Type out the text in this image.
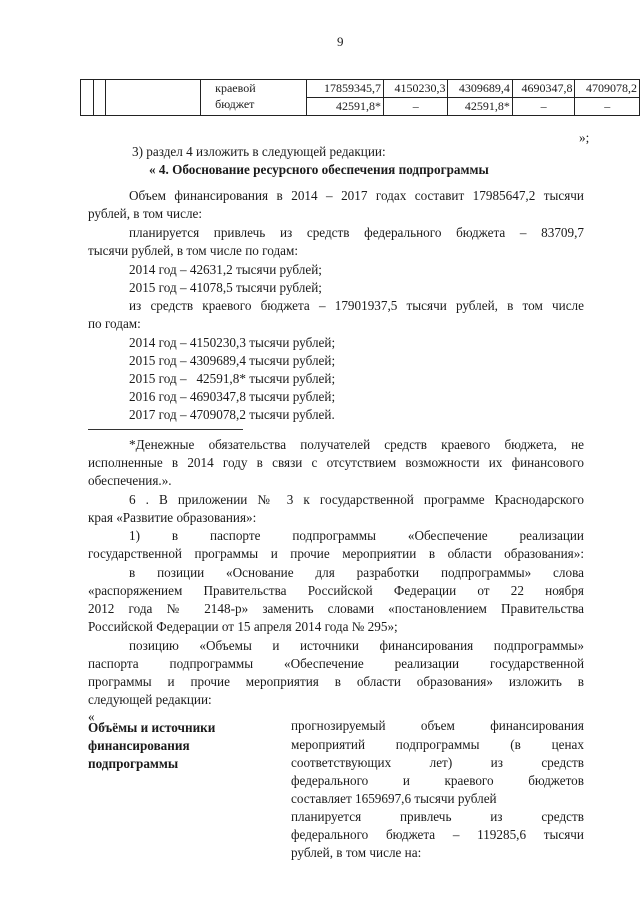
9
			краевой
бюджет	17859345,7	4150230,3	4309689,4	4690347,8	4709078,2
				42591,8*	–	42591,8*	–	–
»;
3) раздел 4 изложить в следующей редакции:
« 4. Обоснование ресурсного обеспечения подпрограммы
Объем финансирования в 2014 – 2017 годах составит 17985647,2 тысячи
рублей, в том числе:
планируется привлечь из средств федерального бюджета – 83709,7
тысячи рублей, в том числе по годам:
2014 год – 42631,2 тысячи рублей;
2015 год – 41078,5 тысячи рублей;
из средств краевого бюджета – 17901937,5 тысячи рублей, в том числе
по годам:
2014 год – 4150230,3 тысячи рублей;
2015 год – 4309689,4 тысячи рублей;
2015 год –   42591,8* тысячи рублей;
2016 год – 4690347,8 тысячи рублей;
2017 год – 4709078,2 тысячи рублей.
*Денежные обязательства получателей средств краевого бюджета, не
исполненные в 2014 году в связи с отсутствием возможности их финансового
обеспечения.».
6 . В приложении № 3 к государственной программе Краснодарского
края «Развитие образования»:
1) в паспорте подпрограммы «Обеспечение реализации
государственной программы и прочие мероприятии в области образования»:
в позиции «Основание для разработки подпрограммы» слова
«распоряжением Правительства Российской Федерации от 22 ноября
2012 года № 2148-р» заменить словами «постановлением Правительства
Российской Федерации от 15 апреля 2014 года № 295»;
позицию «Объемы и источники финансирования подпрограммы»
паспорта подпрограммы «Обеспечение реализации государственной
программы и прочие мероприятия в области образования» изложить в
следующей редакции:
«
Объёмы и источники
финансирования
подпрограммы
прогнозируемый объем финансирования
мероприятий подпрограммы (в ценах
соответствующих лет) из средств
федерального и краевого бюджетов
составляет 1659697,6 тысячи рублей
планируется привлечь из средств
федерального бюджета – 119285,6 тысячи
рублей, в том числе на:
